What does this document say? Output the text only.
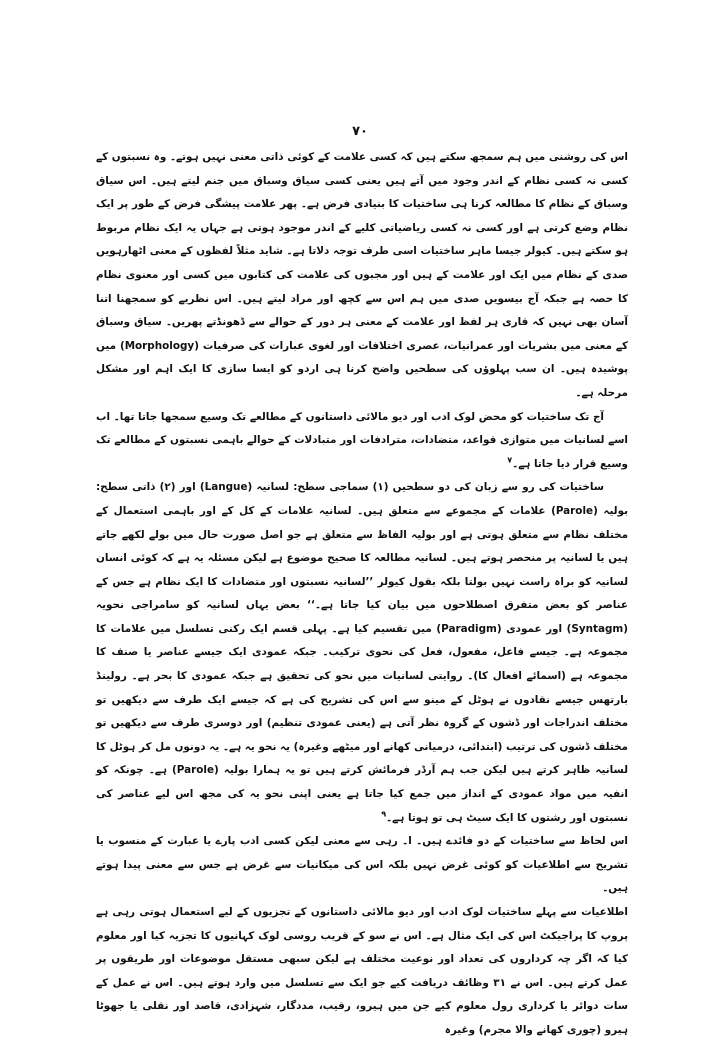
۷۰

اس کی روشنی میں ہم سمجھ سکتے ہیں کہ کسی علامت کے کوئی ذاتی معنی نہیں ہوتے۔ وہ نسبتوں کے کسی نہ کسی نظام کے اندر وجود میں آتے ہیں یعنی کسی سیاق وسباق میں جنم لیتے ہیں۔ اس سیاق وسباق کے نظام کا مطالعہ کرنا ہی ساختیات کا بنیادی فرض ہے۔ پھر علامت پیشگی فرض کے طور پر ایک نظام وضع کرتی ہے اور کسی نہ کسی ریاضیاتی کلیے کے اندر موجود ہوتی ہے جہاں یہ ایک نظام مربوط ہو سکتے ہیں۔ کیولر جیسا ماہر ساختیات اسی طرف توجہ دلاتا ہے۔ شاید مثلاً لفظوں کے معنی اٹھارہویں صدی کے نظام میں ایک اور علامت کے ہیں اور مجبوں کی علامت کی کتابوں میں کسی اور معنوی نظام کا حصہ ہے جبکہ آج بیسویں صدی میں ہم اس سے کچھ اور مراد لیتے ہیں۔ اس نظریے کو سمجھنا اتنا آسان بھی نہیں کہ قاری ہر لفظ اور علامت کے معنی ہر دور کے حوالے سے ڈھونڈتے پھریں۔ سیاق وسباق کے معنی میں بشریات اور عمرانیات، عصری اختلافات اور لغوی عبارات کی صرفیات (Morphology) میں پوشیدہ ہیں۔ ان سب پہلوؤں کی سطحیں واضح کرنا ہی اردو کو ایسا سازی کا ایک اہم اور مشکل مرحلہ ہے۔

آج تک ساختیات کو محض لوک ادب اور دیو مالائی داستانوں کے مطالعے تک وسیع سمجھا جاتا تھا۔ اب اسے لسانیات میں متوازی قواعد، متضادات، مترادفات اور متبادلات کے حوالے باہمی نسبتوں کے مطالعے تک وسیع قرار دیا جاتا ہے۔$^۷$

ساختیات کی رو سے زبان کی دو سطحیں (۱) سماجی سطح: لسانیہ (Langue) اور (۲) ذاتی سطح: بولیہ (Parole) علامات کے مجموعے سے متعلق ہیں۔ لسانیہ علامات کے کل کے اور باہمی استعمال کے مختلف نظام سے متعلق ہوتی ہے اور بولیہ الفاظ سے متعلق ہے جو اصل صورت حال میں بولے لکھے جاتے ہیں یا لسانیہ پر منحصر ہوتے ہیں۔ لسانیہ مطالعہ کا صحیح موضوع ہے لیکن مسئلہ یہ ہے کہ کوئی انسان لسانیہ کو براہ راست نہیں بولتا بلکہ بقول کیولر ’’لسانیہ نسبتوں اور متضادات کا ایک نظام ہے جس کے عناصر کو بعض متفرق اصطلاحوں میں بیان کیا جاتا ہے۔‘‘ بعض یہاں لسانیہ کو سامراجی نحویہ (Syntagm) اور عمودی (Paradigm) میں تقسیم کیا ہے۔ پہلی قسم ایک رکنی تسلسل میں علامات کا مجموعہ ہے۔ جیسے فاعل، مفعول، فعل کی نحوی ترکیب۔ جبکہ عمودی ایک جیسے عناصر یا صنف کا مجموعہ ہے (اسمائے افعال کا)۔ روایتی لسانیات میں نحو کی تحقیق ہے جبکہ عمودی کا بحر ہے۔ رولینڈ بارتھس جیسے نقادوں نے ہوٹل کے مینو سے اس کی تشریح کی ہے کہ جیسے ایک طرف سے دیکھیں تو مختلف اندراجات اور ڈشوں کے گروہ نظر آتی ہے (یعنی عمودی تنظیم) اور دوسری طرف سے دیکھیں تو مختلف ڈشوں کی ترتیب (ابتدائی، درمیانی کھانے اور میٹھے وغیرہ) یہ نحو یہ ہے۔ یہ دونوں مل کر ہوٹل کا لسانیہ ظاہر کرتے ہیں لیکن جب ہم آرڈر فرمائش کرتے ہیں تو یہ ہمارا بولیہ (Parole) ہے۔ چونکہ کو انفیہ میں مواد عمودی کے انداز میں جمع کیا جاتا ہے یعنی اپنی نحو یہ کی مجھ اس لیے عناصر کی نسبتوں اور رشتوں کا ایک سیٹ ہی تو ہوتا ہے۔$^۹$

اس لحاظ سے ساختیات کے دو فائدے ہیں۔ ا۔ رہی سے معنی لیکن کسی ادب پارے یا عبارت کے منسوب یا تشریح سے اطلاعیات کو کوئی غرض نہیں بلکہ اس کی میکانیات سے غرض ہے جس سے معنی پیدا ہوتے ہیں۔

اطلاعیات سے پہلے ساختیات لوک ادب اور دیو مالائی داستانوں کے تجزیوں کے لیے استعمال ہوتی رہی ہے پروپ کا پراجیکٹ اس کی ایک مثال ہے۔ اس نے سو کے قریب روسی لوک کہانیوں کا تجزیہ کیا اور معلوم کیا کہ اگر چہ کرداروں کی تعداد اور نوعیت مختلف ہے لیکن سبھی مستقل موضوعات اور طریقوں پر عمل کرتے ہیں۔ اس نے ۳۱ وظائف دریافت کیے جو ایک سے تسلسل میں وارد ہوتے ہیں۔ اس نے عمل کے سات دوائر یا کرداری رول معلوم کیے جن میں ہیرو، رقیب، مددگار، شہزادی، قاصد اور نقلی یا جھوٹا ہیرو (چوری کھانے والا مجرم) وغیرہ
